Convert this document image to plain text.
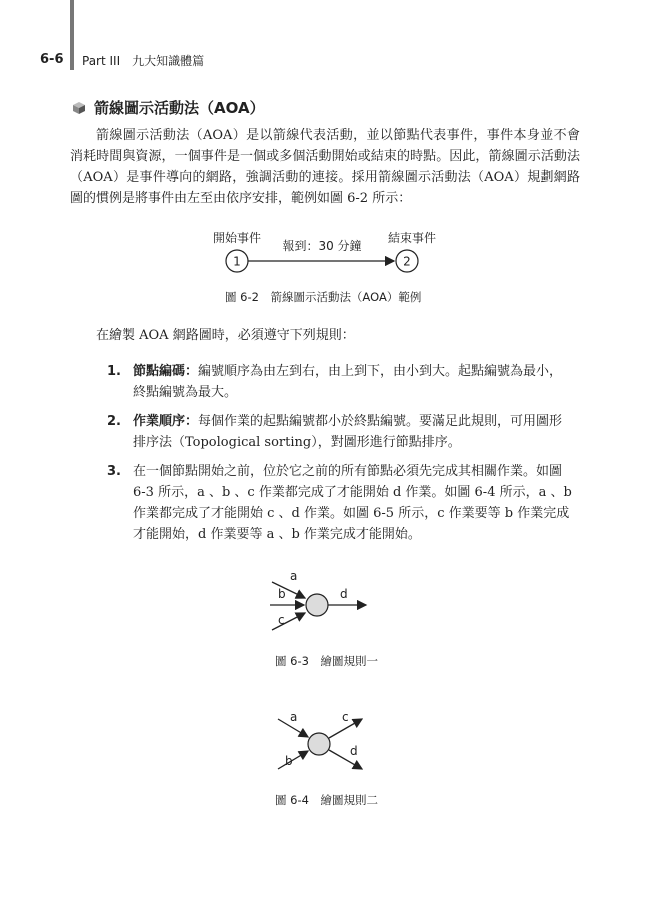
6-6 Part III　九大知識體篇
箭線圖示活動法（AOA）

箭線圖示活動法（AOA）是以箭線代表活動，並以節點代表事件，事件本身並不會消耗時間與資源，一個事件是一個或多個活動開始或結束的時點。因此，箭線圖示活動法（AOA）是事件導向的網路，強調活動的連接。採用箭線圖示活動法（AOA）規劃網路圖的慣例是將事件由左至由依序安排，範例如圖 6-2 所示：

開始事件	結束事件
報到：30 分鐘
1	2
圖 6-2　箭線圖示活動法（AOA）範例

在繪製 AOA 網路圖時，必須遵守下列規則：

1. 節點編碼：編號順序為由左到右，由上到下，由小到大。起點編號為最小，終點編號為最大。
2. 作業順序：每個作業的起點編號都小於終點編號。要滿足此規則，可用圖形排序法（Topological sorting），對圖形進行節點排序。
3. 在一個節點開始之前，位於它之前的所有節點必須先完成其相關作業。如圖 6-3 所示，a 、b 、c 作業都完成了才能開始 d 作業。如圖 6-4 所示，a 、b 作業都完成了才能開始 c 、d 作業。如圖 6-5 所示，c 作業要等 b 作業完成才能開始，d 作業要等 a 、b 作業完成才能開始。
a
b
c
d
圖 6-3　繪圖規則一
a
b
c
d
圖 6-4　繪圖規則二
